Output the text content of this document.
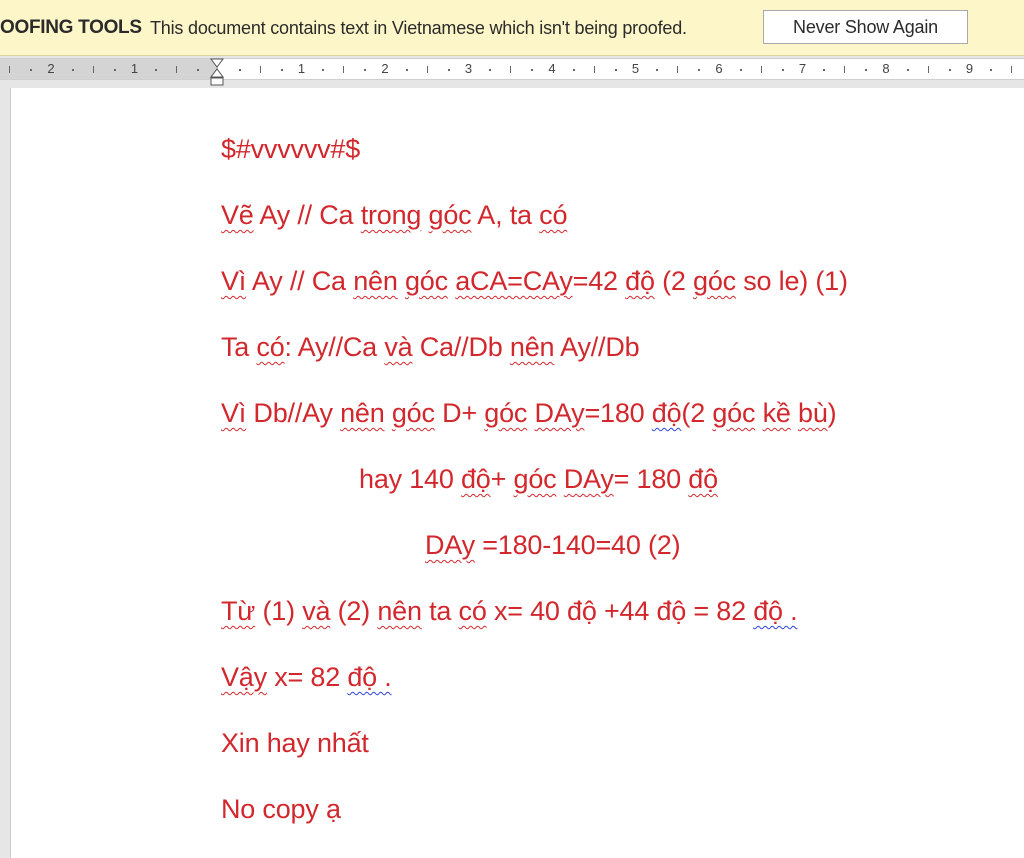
OOFING TOOLS This document contains text in Vietnamese which isn't being proofed.	Never Show Again
2	1	1	2	3	4	5	6	7	8	9
$#vvvvvv#$
Vẽ Ay // Ca trong góc A, ta có
Vì Ay // Ca nên góc aCA=CAy=42 độ (2 góc so le) (1)
Ta có: Ay//Ca và Ca//Db nên Ay//Db
Vì Db//Ay nên góc D+ góc DAy=180 độ(2 góc kề bù)
hay 140 độ+ góc DAy= 180 độ
DAy =180-140=40 (2)
Từ (1) và (2) nên ta có x= 40 độ +44 độ = 82 độ .
Vậy x= 82 độ .
Xin hay nhất
No copy ạ
